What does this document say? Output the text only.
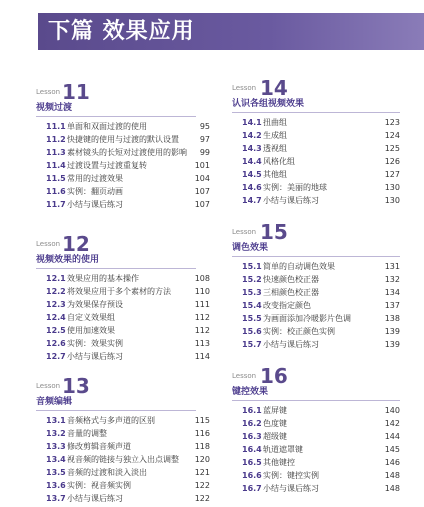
下篇 效果应用
Lesson 11
视频过渡
11.1 单面和双面过渡的使用	95
11.2 快捷键的使用与过渡的默认设置	97
11.3 素材镜头的长短对过渡使用的影响 99
11.4 过渡设置与过渡重复转	101
11.5 常用的过渡效果	104
11.6 实例：翻页动画	107
11.7 小结与课后练习	107
Lesson 12
视频效果的使用
12.1 效果应用的基本操作	108
12.2 将效果应用于多个素材的方法	110
12.3 为效果保存预设	111
12.4 自定义效果组	112
12.5 使用加速效果	112
12.6 实例：效果实例	113
12.7 小结与课后练习	114
Lesson 13
音频编辑
13.1 音频格式与多声道的区别	115
13.2 音量的调整	116
13.3 修改剪辑音频声道	118
13.4 视音频的链接与独立入出点调整 120
13.5 音频的过渡和淡入淡出	121
13.6 实例：视音频实例	122
13.7 小结与课后练习	122
Lesson 14
认识各组视频效果
14.1 扭曲组	123
14.2 生成组	124
14.3 透视组	125
14.4 风格化组	126
14.5 其他组	127
14.6 实例：美丽的地球	130
14.7 小结与课后练习	130
Lesson 15
调色效果
15.1 简单的自动调色效果	131
15.2 快速颜色校正器	132
15.3 三相颜色校正器	134
15.4 改变指定颜色	137
15.5 为画面添加冷暖影片色调	138
15.6 实例：校正颜色实例	139
15.7 小结与课后练习	139
Lesson 16
键控效果
16.1 蓝屏键	140
16.2 色度键	142
16.3 超级键	144
16.4 轨道遮罩键	145
16.5 其他键控	146
16.6 实例：键控实例	148
16.7 小结与课后练习	148
